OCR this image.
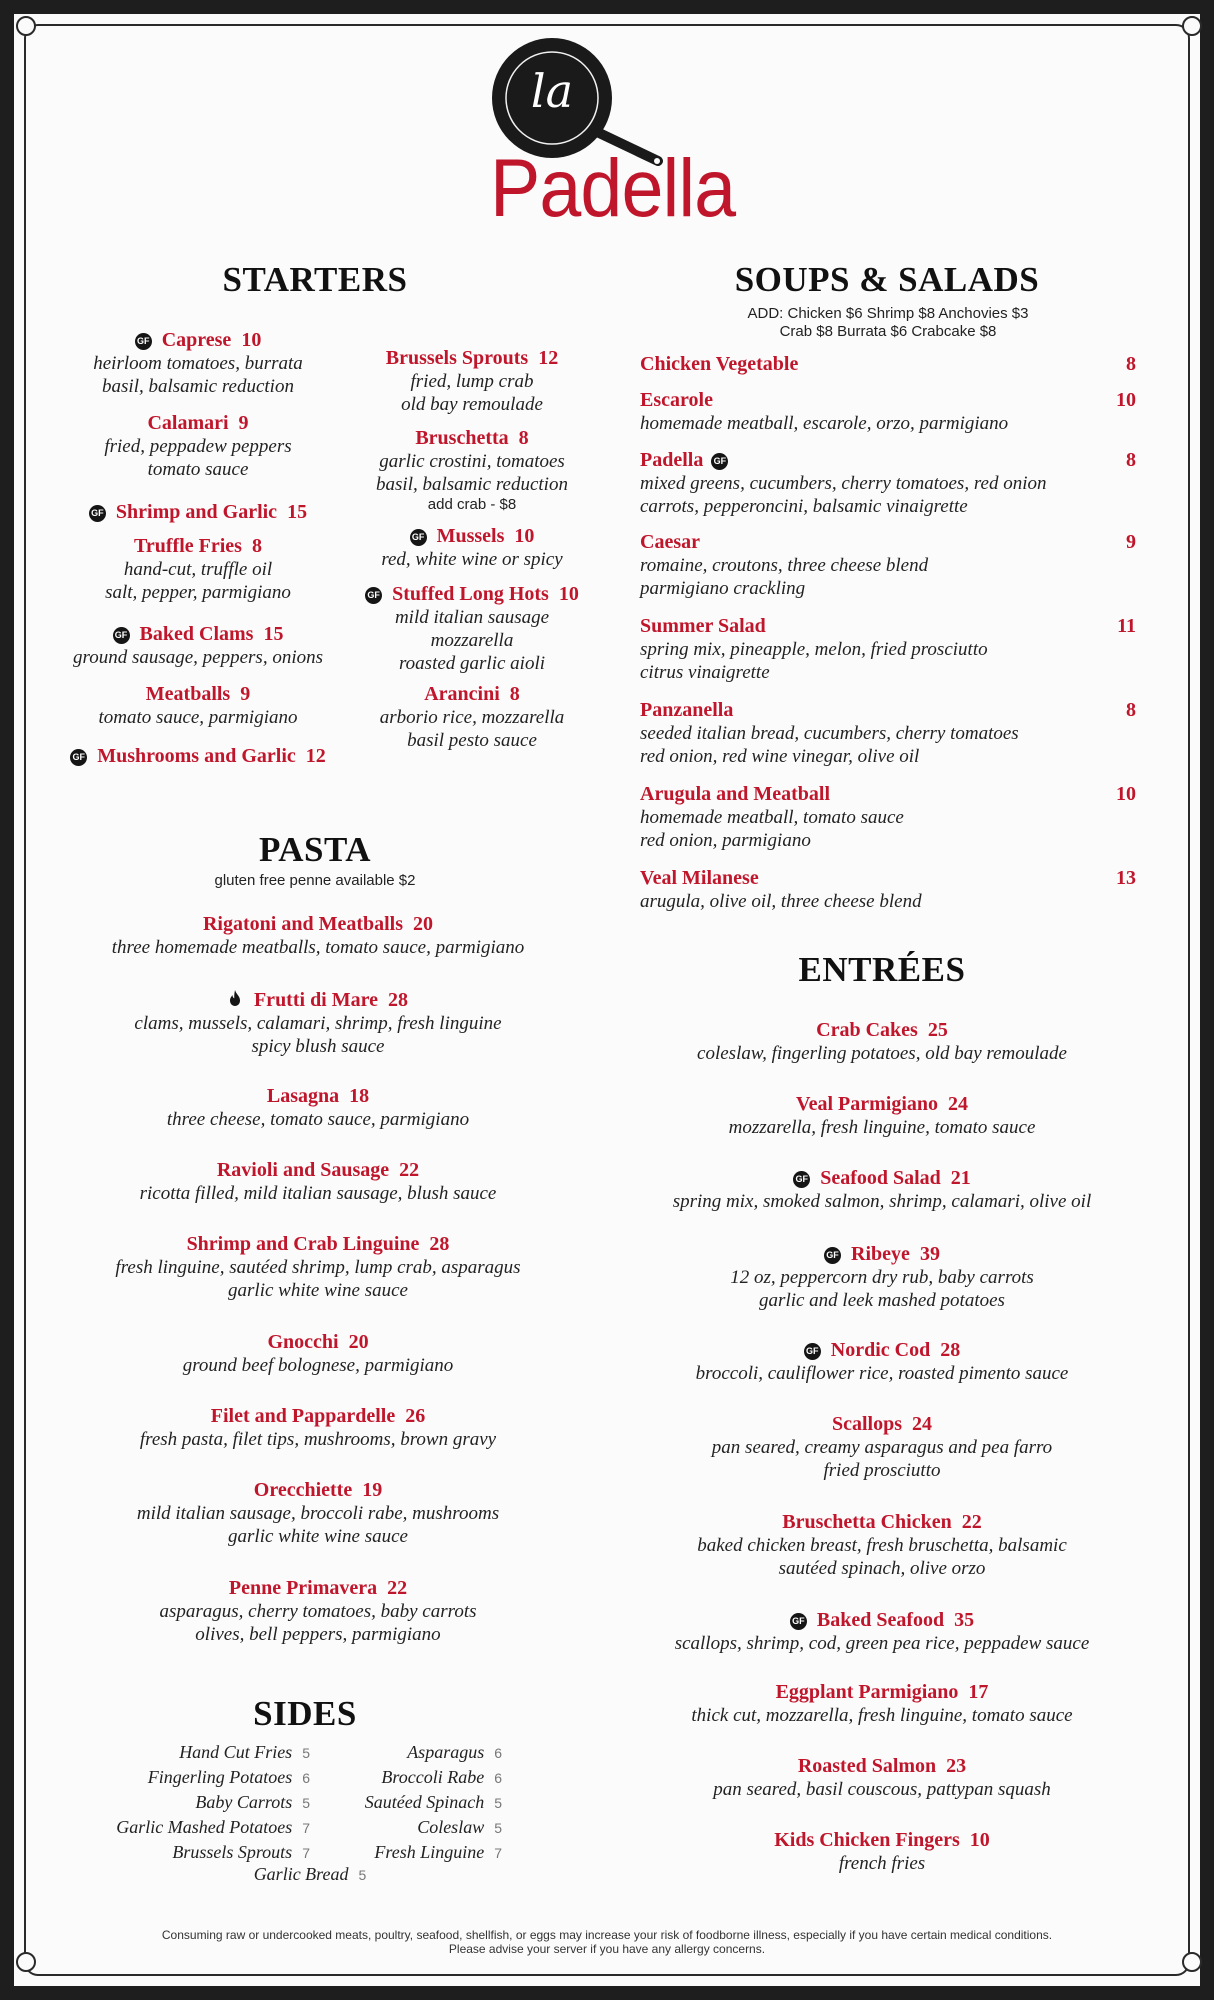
la
Padella
STARTERS
GF Caprese 10
heirloom tomatoes, burrata
basil, balsamic reduction
Calamari 9
fried, peppadew peppers
tomato sauce
GF Shrimp and Garlic 15
Truffle Fries 8
hand-cut, truffle oil
salt, pepper, parmigiano
GF Baked Clams 15
ground sausage, peppers, onions
Meatballs 9
tomato sauce, parmigiano
GF Mushrooms and Garlic 12
Brussels Sprouts 12
fried, lump crab
old bay remoulade
Bruschetta 8
garlic crostini, tomatoes
basil, balsamic reduction
add crab - $8
GF Mussels 10
red, white wine or spicy
GF Stuffed Long Hots 10
mild italian sausage
mozzarella
roasted garlic aioli
Arancini 8
arborio rice, mozzarella
basil pesto sauce
SOUPS & SALADS
ADD: Chicken $6 Shrimp $8 Anchovies $3
Crab $8 Burrata $6 Crabcake $8
Chicken Vegetable	8
Escarole	10
homemade meatball, escarole, orzo, parmigiano
Padella GF	8
mixed greens, cucumbers, cherry tomatoes, red onion
carrots, pepperoncini, balsamic vinaigrette
Caesar	9
romaine, croutons, three cheese blend
parmigiano crackling
Summer Salad	11
spring mix, pineapple, melon, fried prosciutto
citrus vinaigrette
Panzanella	8
seeded italian bread, cucumbers, cherry tomatoes
red onion, red wine vinegar, olive oil
Arugula and Meatball	10
homemade meatball, tomato sauce
red onion, parmigiano
Veal Milanese	13
arugula, olive oil, three cheese blend
PASTA
gluten free penne available $2
Rigatoni and Meatballs 20
three homemade meatballs, tomato sauce, parmigiano
Frutti di Mare 28
clams, mussels, calamari, shrimp, fresh linguine
spicy blush sauce
Lasagna 18
three cheese, tomato sauce, parmigiano
Ravioli and Sausage 22
ricotta filled, mild italian sausage, blush sauce
Shrimp and Crab Linguine 28
fresh linguine, sautéed shrimp, lump crab, asparagus
garlic white wine sauce
Gnocchi 20
ground beef bolognese, parmigiano
Filet and Pappardelle 26
fresh pasta, filet tips, mushrooms, brown gravy
Orecchiette 19
mild italian sausage, broccoli rabe, mushrooms
garlic white wine sauce
Penne Primavera 22
asparagus, cherry tomatoes, baby carrots
olives, bell peppers, parmigiano
ENTRÉES
Crab Cakes 25
coleslaw, fingerling potatoes, old bay remoulade
Veal Parmigiano 24
mozzarella, fresh linguine, tomato sauce
GF Seafood Salad 21
spring mix, smoked salmon, shrimp, calamari, olive oil
GF Ribeye 39
12 oz, peppercorn dry rub, baby carrots
garlic and leek mashed potatoes
GF Nordic Cod 28
broccoli, cauliflower rice, roasted pimento sauce
Scallops 24
pan seared, creamy asparagus and pea farro
fried prosciutto
Bruschetta Chicken 22
baked chicken breast, fresh bruschetta, balsamic
sautéed spinach, olive orzo
GF Baked Seafood 35
scallops, shrimp, cod, green pea rice, peppadew sauce
Eggplant Parmigiano 17
thick cut, mozzarella, fresh linguine, tomato sauce
Roasted Salmon 23
pan seared, basil couscous, pattypan squash
Kids Chicken Fingers 10
french fries
SIDES
Hand Cut Fries 5
Fingerling Potatoes 6
Baby Carrots 5
Garlic Mashed Potatoes 7
Brussels Sprouts 7
Asparagus 6
Broccoli Rabe 6
Sautéed Spinach 5
Coleslaw 5
Fresh Linguine 7
Garlic Bread 5
Consuming raw or undercooked meats, poultry, seafood, shellfish, or eggs may increase your risk of foodborne illness, especially if you have certain medical conditions.
Please advise your server if you have any allergy concerns.
